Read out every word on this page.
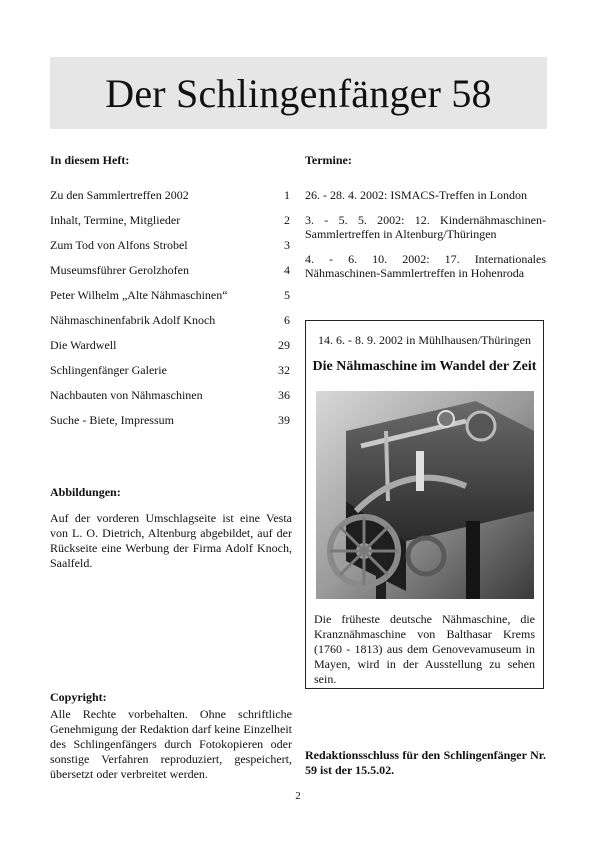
Der Schlingenfänger 58

In diesem Heft:

Zu den Sammlertreffen 2002	1
Inhalt, Termine, Mitglieder	2
Zum Tod von Alfons Strobel	3
Museumsführer Gerolzhofen	4
Peter Wilhelm „Alte Nähmaschinen“	5
Nähmaschinenfabrik Adolf Knoch	6
Die Wardwell	29
Schlingenfänger Galerie	32
Nachbauten von Nähmaschinen	36
Suche - Biete, Impressum	39

Termine:

26. - 28. 4. 2002: ISMACS-Treffen in London
3. - 5. 5. 2002: 12. Kindernähmaschinen-Sammlertreffen in Altenburg/Thüringen
4. - 6. 10. 2002: 17. Internationales Nähmaschinen-Sammlertreffen in Hohenroda
14. 6. - 8. 9. 2002 in Mühlhausen/Thüringen
Die Nähmaschine im Wandel der Zeit
Die früheste deutsche Nähmaschine, die Kranznähmaschine von Balthasar Krems (1760 - 1813) aus dem Genovevamuseum in Mayen, wird in der Ausstellung zu sehen sein.

Abbildungen:

Auf der vorderen Umschlagseite ist eine Vesta von L. O. Dietrich, Altenburg abgebildet, auf der Rückseite eine Werbung der Firma Adolf Knoch, Saalfeld.

Copyright:

Alle Rechte vorbehalten. Ohne schriftliche Genehmigung der Redaktion darf keine Einzelheit des Schlingenfängers durch Fotokopieren oder sonstige Verfahren reproduziert, gespeichert, übersetzt oder verbreitet werden.

Redaktionsschluss für den Schlingenfänger Nr. 59 ist der 15.5.02.
2
